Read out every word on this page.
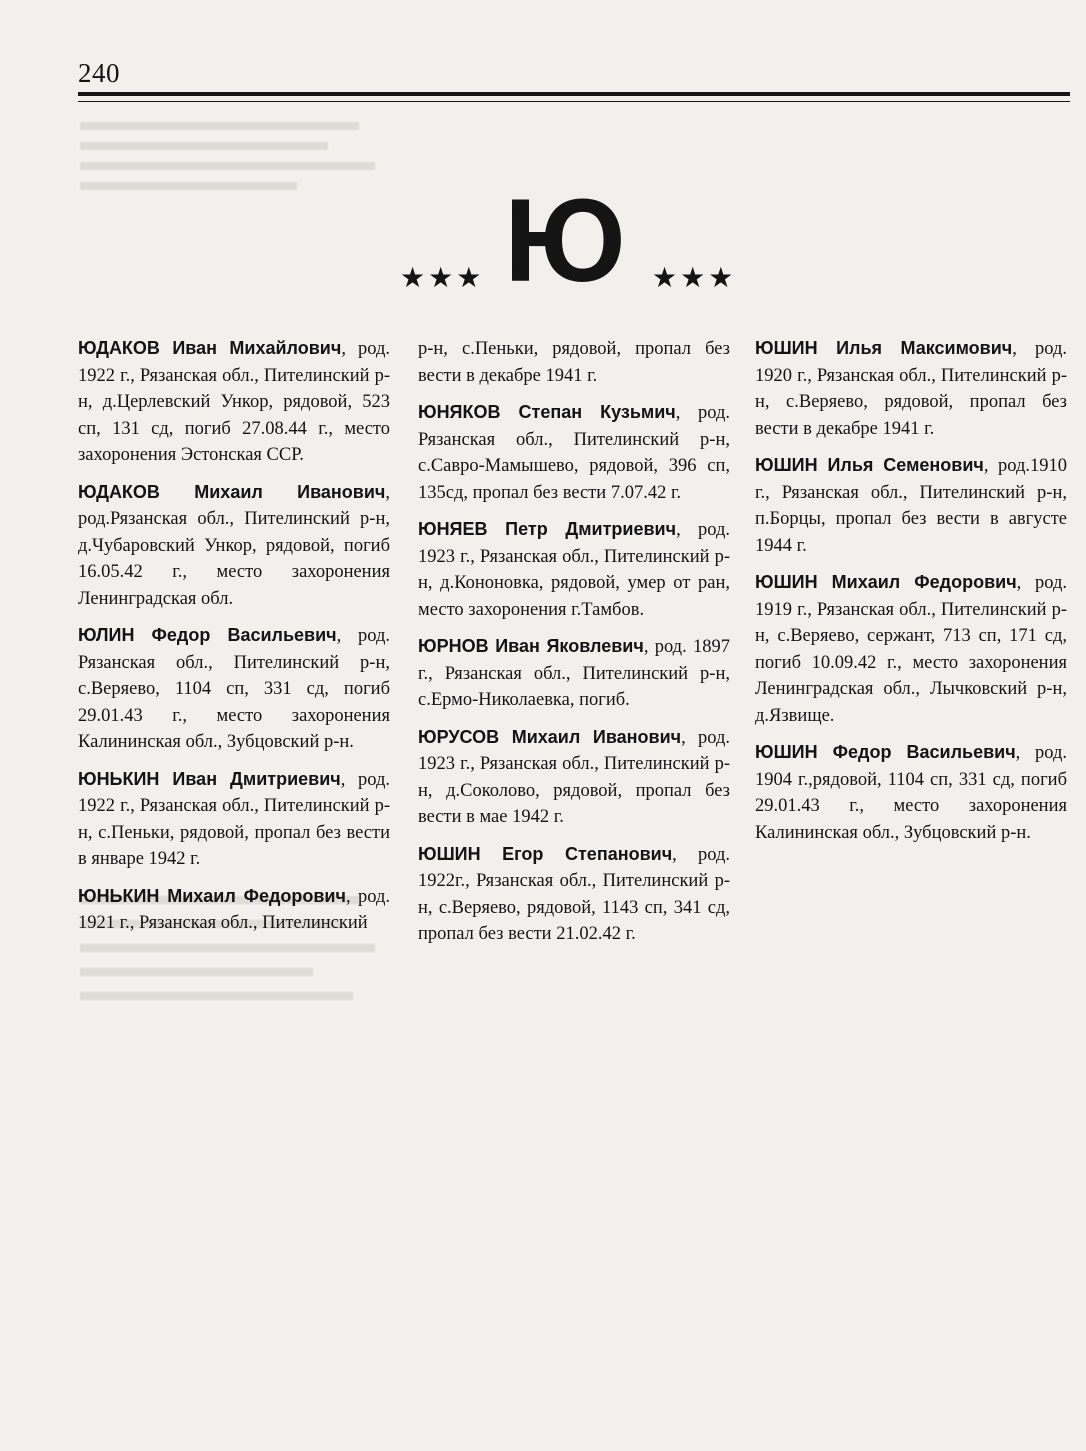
240
Ю
★★★	★★★

ЮДАКОВ Иван Михайлович, род. 1922 г., Рязанская обл., Пителинский р-н, д.Церлевский Ункор, рядовой, 523 сп, 131 сд, погиб 27.08.44 г., место захоронения Эстонская ССР.

ЮДАКОВ Михаил Иванович, род.Рязанская обл., Пителинский р-н, д.Чубаровский Ункор, рядовой, погиб 16.05.42 г., место захоронения Ленинградская обл.

ЮЛИН Федор Васильевич, род. Рязанская обл., Пителинский р-н, с.Веряево, 1104 сп, 331 сд, погиб 29.01.43 г., место захоронения Калининская обл., Зубцовский р-н.

ЮНЬКИН Иван Дмитриевич, род. 1922 г., Рязанская обл., Пителинский р-н, с.Пеньки, рядовой, пропал без вести в январе 1942 г.

ЮНЬКИН Михаил Федорович, род. 1921 г., Рязанская обл., Пителинский

р-н, с.Пеньки, рядовой, пропал без вести в декабре 1941 г.

ЮНЯКОВ Степан Кузьмич, род. Рязанская обл., Пителинский р-н, с.Савро-Мамышево, рядовой, 396 сп, 135сд, пропал без вести 7.07.42 г.

ЮНЯЕВ Петр Дмитриевич, род. 1923 г., Рязанская обл., Пителинский р-н, д.Кононовка, рядовой, умер от ран, место захоронения г.Тамбов.

ЮРНОВ Иван Яковлевич, род. 1897 г., Рязанская обл., Пителинский р-н, с.Ермо-Николаевка, погиб.

ЮРУСОВ Михаил Иванович, род. 1923 г., Рязанская обл., Пителинский р-н, д.Соколово, рядовой, пропал без вести в мае 1942 г.

ЮШИН Егор Степанович, род. 1922г., Рязанская обл., Пителинский р-н, с.Веряево, рядовой, 1143 сп, 341 сд, пропал без вести 21.02.42 г.

ЮШИН Илья Максимович, род. 1920 г., Рязанская обл., Пителинский р-н, с.Веряево, рядовой, пропал без вести в декабре 1941 г.

ЮШИН Илья Семенович, род.1910 г., Рязанская обл., Пителинский р-н, п.Борцы, пропал без вести в августе 1944 г.

ЮШИН Михаил Федорович, род. 1919 г., Рязанская обл., Пителинский р-н, с.Веряево, сержант, 713 сп, 171 сд, погиб 10.09.42 г., место захоронения Ленинградская обл., Лычковский р-н, д.Язвище.

ЮШИН Федор Васильевич, род. 1904 г.,рядовой, 1104 сп, 331 сд, погиб 29.01.43 г., место захоронения Калининская обл., Зубцовский р-н.
